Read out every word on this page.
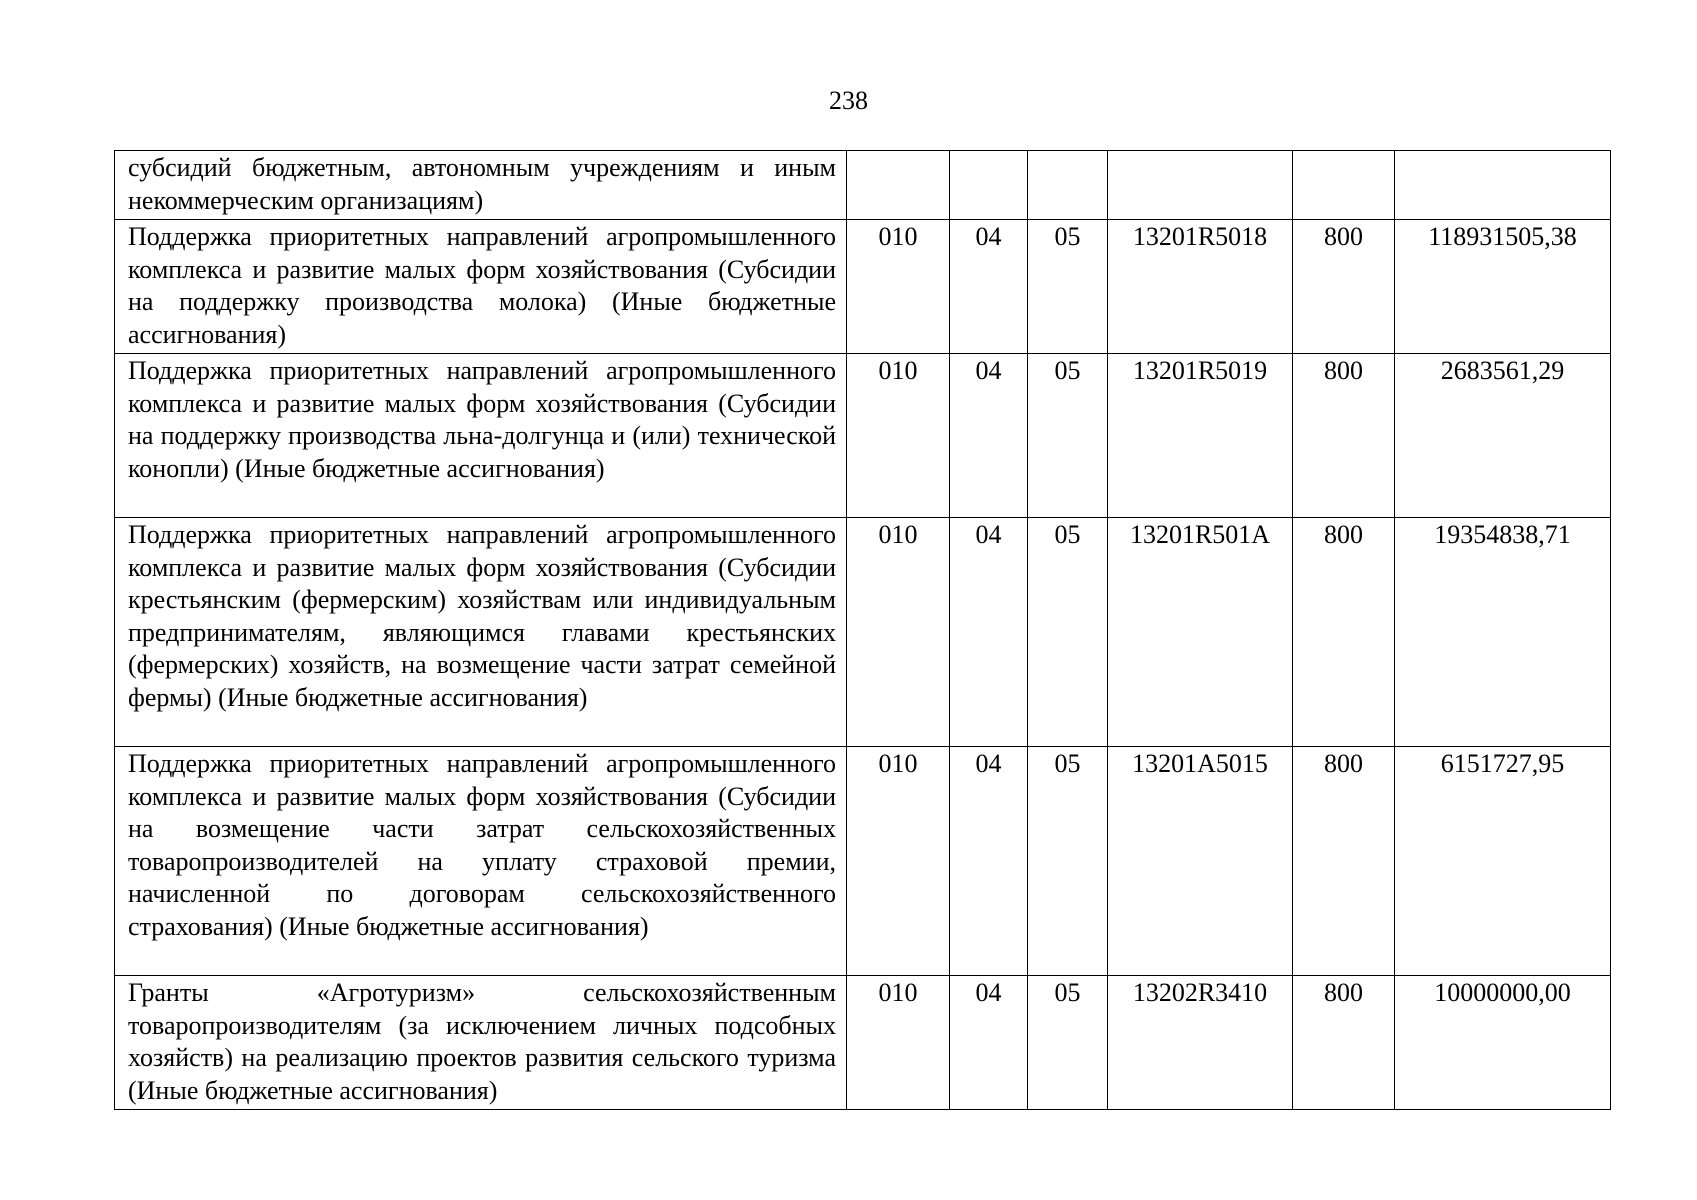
238
субсидий бюджетным, автономным учреждениям и иным некоммерческим организациям)						
Поддержка приоритетных направлений агропромышленного комплекса и развитие малых форм хозяйствования (Субсидии на поддержку производства молока) (Иные бюджетные ассигнования)	010	04	05	13201R5018	800	118931505,38
Поддержка приоритетных направлений агропромышленного комплекса и развитие малых форм хозяйствования (Субсидии на поддержку производства льна-долгунца и (или) технической конопли) (Иные бюджетные ассигнования)	010	04	05	13201R5019	800	2683561,29
Поддержка приоритетных направлений агропромышленного комплекса и развитие малых форм хозяйствования (Субсидии крестьянским (фермерским) хозяйствам или индивидуальным предпринимателям, являющимся главами крестьянских (фермерских) хозяйств, на возмещение части затрат семейной фермы) (Иные бюджетные ассигнования)	010	04	05	13201R501A	800	19354838,71
Поддержка приоритетных направлений агропромышленного комплекса и развитие малых форм хозяйствования (Субсидии на возмещение части затрат сельскохозяйственных товаропроизводителей на уплату страховой премии, начисленной по договорам сельскохозяйственного страхования) (Иные бюджетные ассигнования)	010	04	05	13201A5015	800	6151727,95
Гранты «Агротуризм» сельскохозяйственным товаропроизводителям (за исключением личных подсобных хозяйств) на реализацию проектов развития сельского туризма (Иные бюджетные ассигнования)	010	04	05	13202R3410	800	10000000,00
